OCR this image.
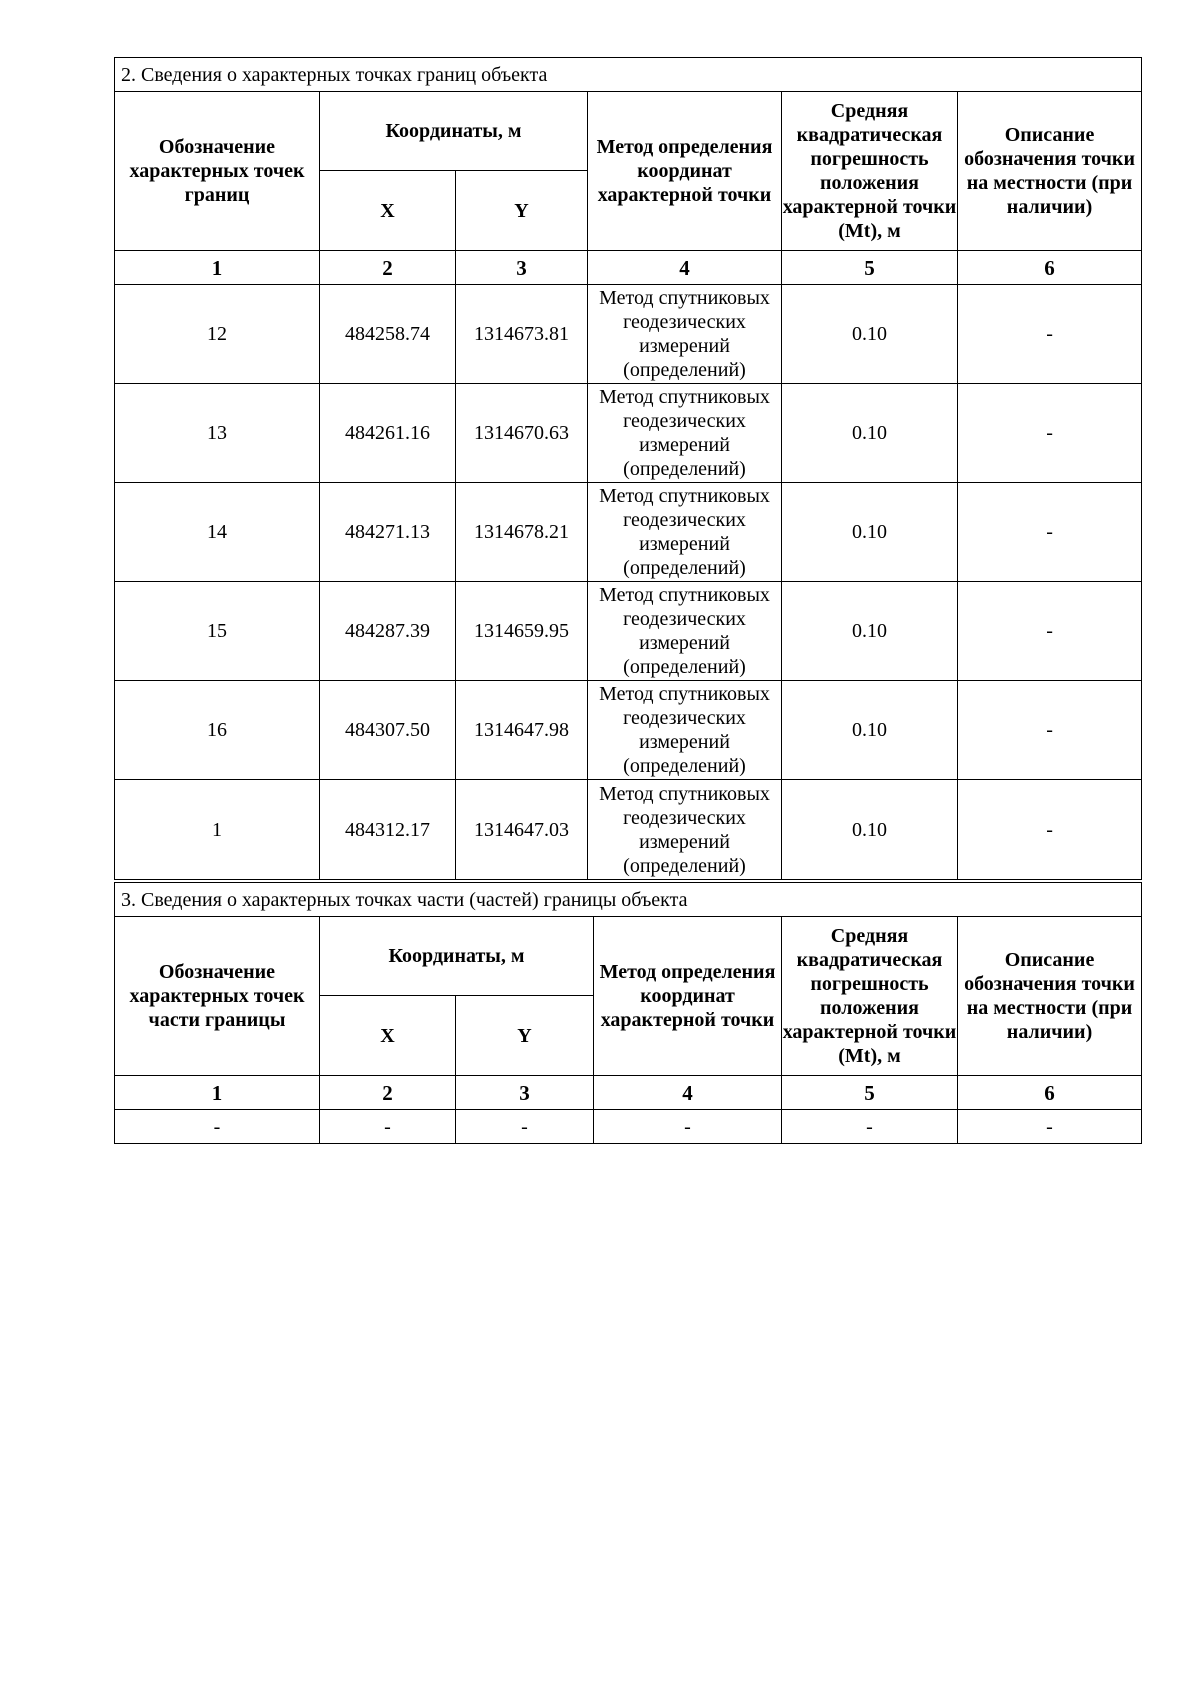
2. Сведения о характерных точках границ объекта					
Обозначение характерных точек границ	Координаты, м		Метод определения координат характерной точки	Средняя квадратическая погрешность положения характерной точки (Mt), м	Описание обозначения точки на местности (при наличии)
	X	Y			
1	2	3	4	5	6
12	484258.74	1314673.81	Метод спутниковых геодезических измерений (определений)	0.10	-
13	484261.16	1314670.63	Метод спутниковых геодезических измерений (определений)	0.10	-
14	484271.13	1314678.21	Метод спутниковых геодезических измерений (определений)	0.10	-
15	484287.39	1314659.95	Метод спутниковых геодезических измерений (определений)	0.10	-
16	484307.50	1314647.98	Метод спутниковых геодезических измерений (определений)	0.10	-
1	484312.17	1314647.03	Метод спутниковых геодезических измерений (определений)	0.10	-
3. Сведения о характерных точках части (частей) границы объекта					
Обозначение характерных точек части границы	Координаты, м		Метод определения координат характерной точки	Средняя квадратическая погрешность положения характерной точки (Mt), м	Описание обозначения точки на местности (при наличии)
	X	Y			
1	2	3	4	5	6
-	-	-	-	-	-
